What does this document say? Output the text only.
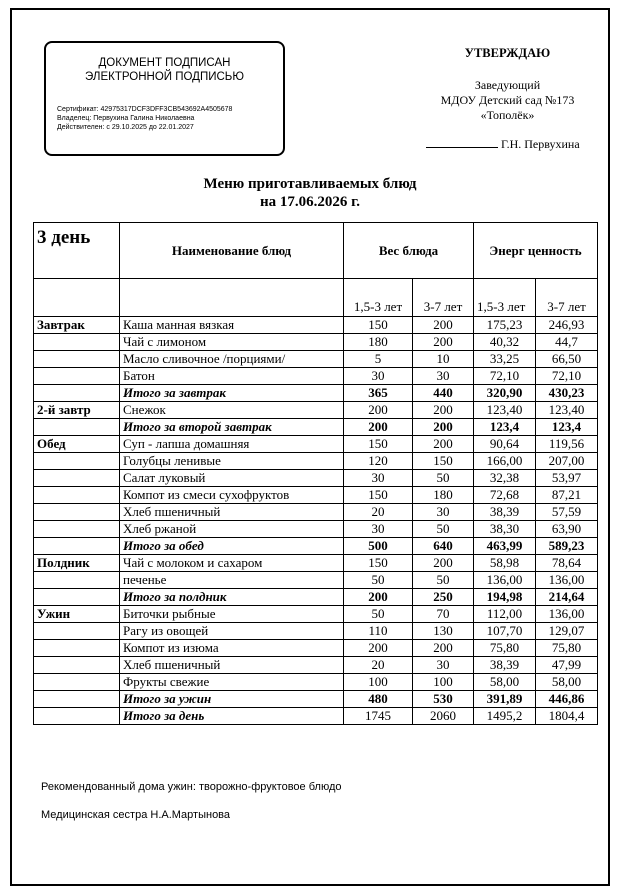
ДОКУМЕНТ ПОДПИСАН
ЭЛЕКТРОННОЙ ПОДПИСЬЮ
Сертификат: 42975317DCF3DFF3CB543692A4505678
Владелец: Первухина Галина Николаевна
Действителен: с 29.10.2025 до 22.01.2027
УТВЕРЖДАЮ
Заведующий
МДОУ Детский сад №173
«Тополёк»
Г.Н. Первухина
Меню приготавливаемых блюд
на 17.06.2026 г.
3 день	Наименование блюд	Вес блюда		Энерг ценность	
		1,5-3 лет	3-7 лет	1,5-3 лет	3-7 лет
Завтрак	Каша манная вязкая	150	200	175,23	246,93
	Чай с лимоном	180	200	40,32	44,7
	Масло сливочное /порциями/	5	10	33,25	66,50
	Батон	30	30	72,10	72,10
	Итого за завтрак	365	440	320,90	430,23
2-й завтр	Снежок	200	200	123,40	123,40
	Итого за второй завтрак	200	200	123,4	123,4
Обед	Суп - лапша домашняя	150	200	90,64	119,56
	Голубцы ленивые	120	150	166,00	207,00
	Салат луковый	30	50	32,38	53,97
	Компот из смеси сухофруктов	150	180	72,68	87,21
	Хлеб пшеничный	20	30	38,39	57,59
	Хлеб ржаной	30	50	38,30	63,90
	Итого за обед	500	640	463,99	589,23
Полдник	Чай с молоком и сахаром	150	200	58,98	78,64
	печенье	50	50	136,00	136,00
	Итого за полдник	200	250	194,98	214,64
Ужин	Биточки рыбные	50	70	112,00	136,00
	Рагу из овощей	110	130	107,70	129,07
	Компот из изюма	200	200	75,80	75,80
	Хлеб пшеничный	20	30	38,39	47,99
	Фрукты свежие	100	100	58,00	58,00
	Итого за ужин	480	530	391,89	446,86
	Итого за день	1745	2060	1495,2	1804,4
Рекомендованный дома ужин: творожно-фруктовое блюдо
Медицинская сестра Н.А.Мартынова
